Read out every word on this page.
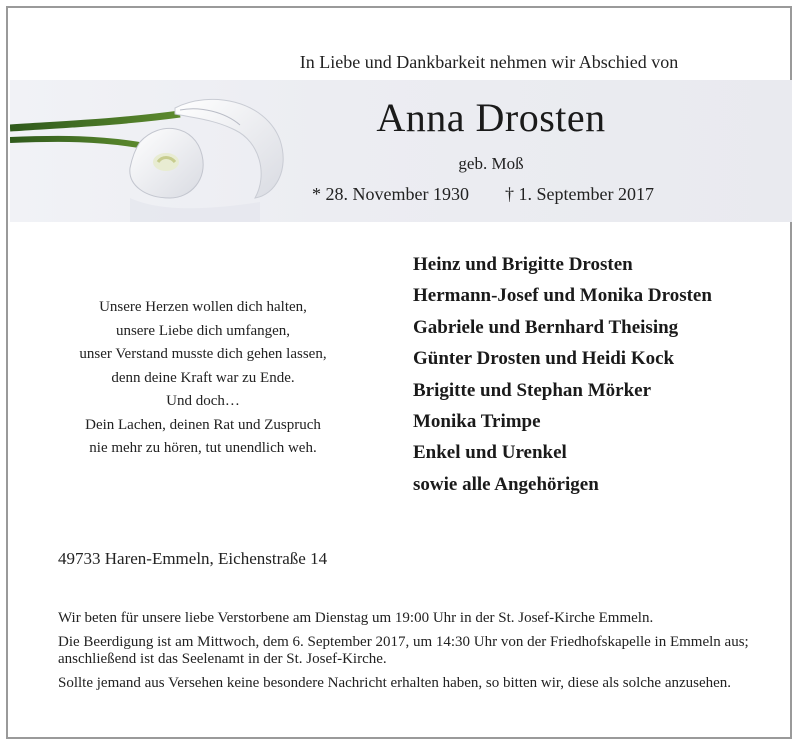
In Liebe und Dankbarkeit nehmen wir Abschied von
Anna Drosten
geb. Moß
* 28. November 1930 † 1. September 2017
Unsere Herzen wollen dich halten,
unsere Liebe dich umfangen,
unser Verstand musste dich gehen lassen,
denn deine Kraft war zu Ende.
Und doch…
Dein Lachen, deinen Rat und Zuspruch
nie mehr zu hören, tut unendlich weh.
Heinz und Brigitte Drosten
Hermann-Josef und Monika Drosten
Gabriele und Bernhard Theising
Günter Drosten und Heidi Kock
Brigitte und Stephan Mörker
Monika Trimpe
Enkel und Urenkel
sowie alle Angehörigen
49733 Haren-Emmeln, Eichenstraße 14

Wir beten für unsere liebe Verstorbene am Dienstag um 19:00 Uhr in der St. Josef-Kirche Emmeln.

Die Beerdigung ist am Mittwoch, dem 6. September 2017, um 14:30 Uhr von der Friedhofskapelle in Emmeln aus; anschließend ist das Seelenamt in der St. Josef-Kirche.

Sollte jemand aus Versehen keine besondere Nachricht erhalten haben, so bitten wir, diese als solche anzusehen.
